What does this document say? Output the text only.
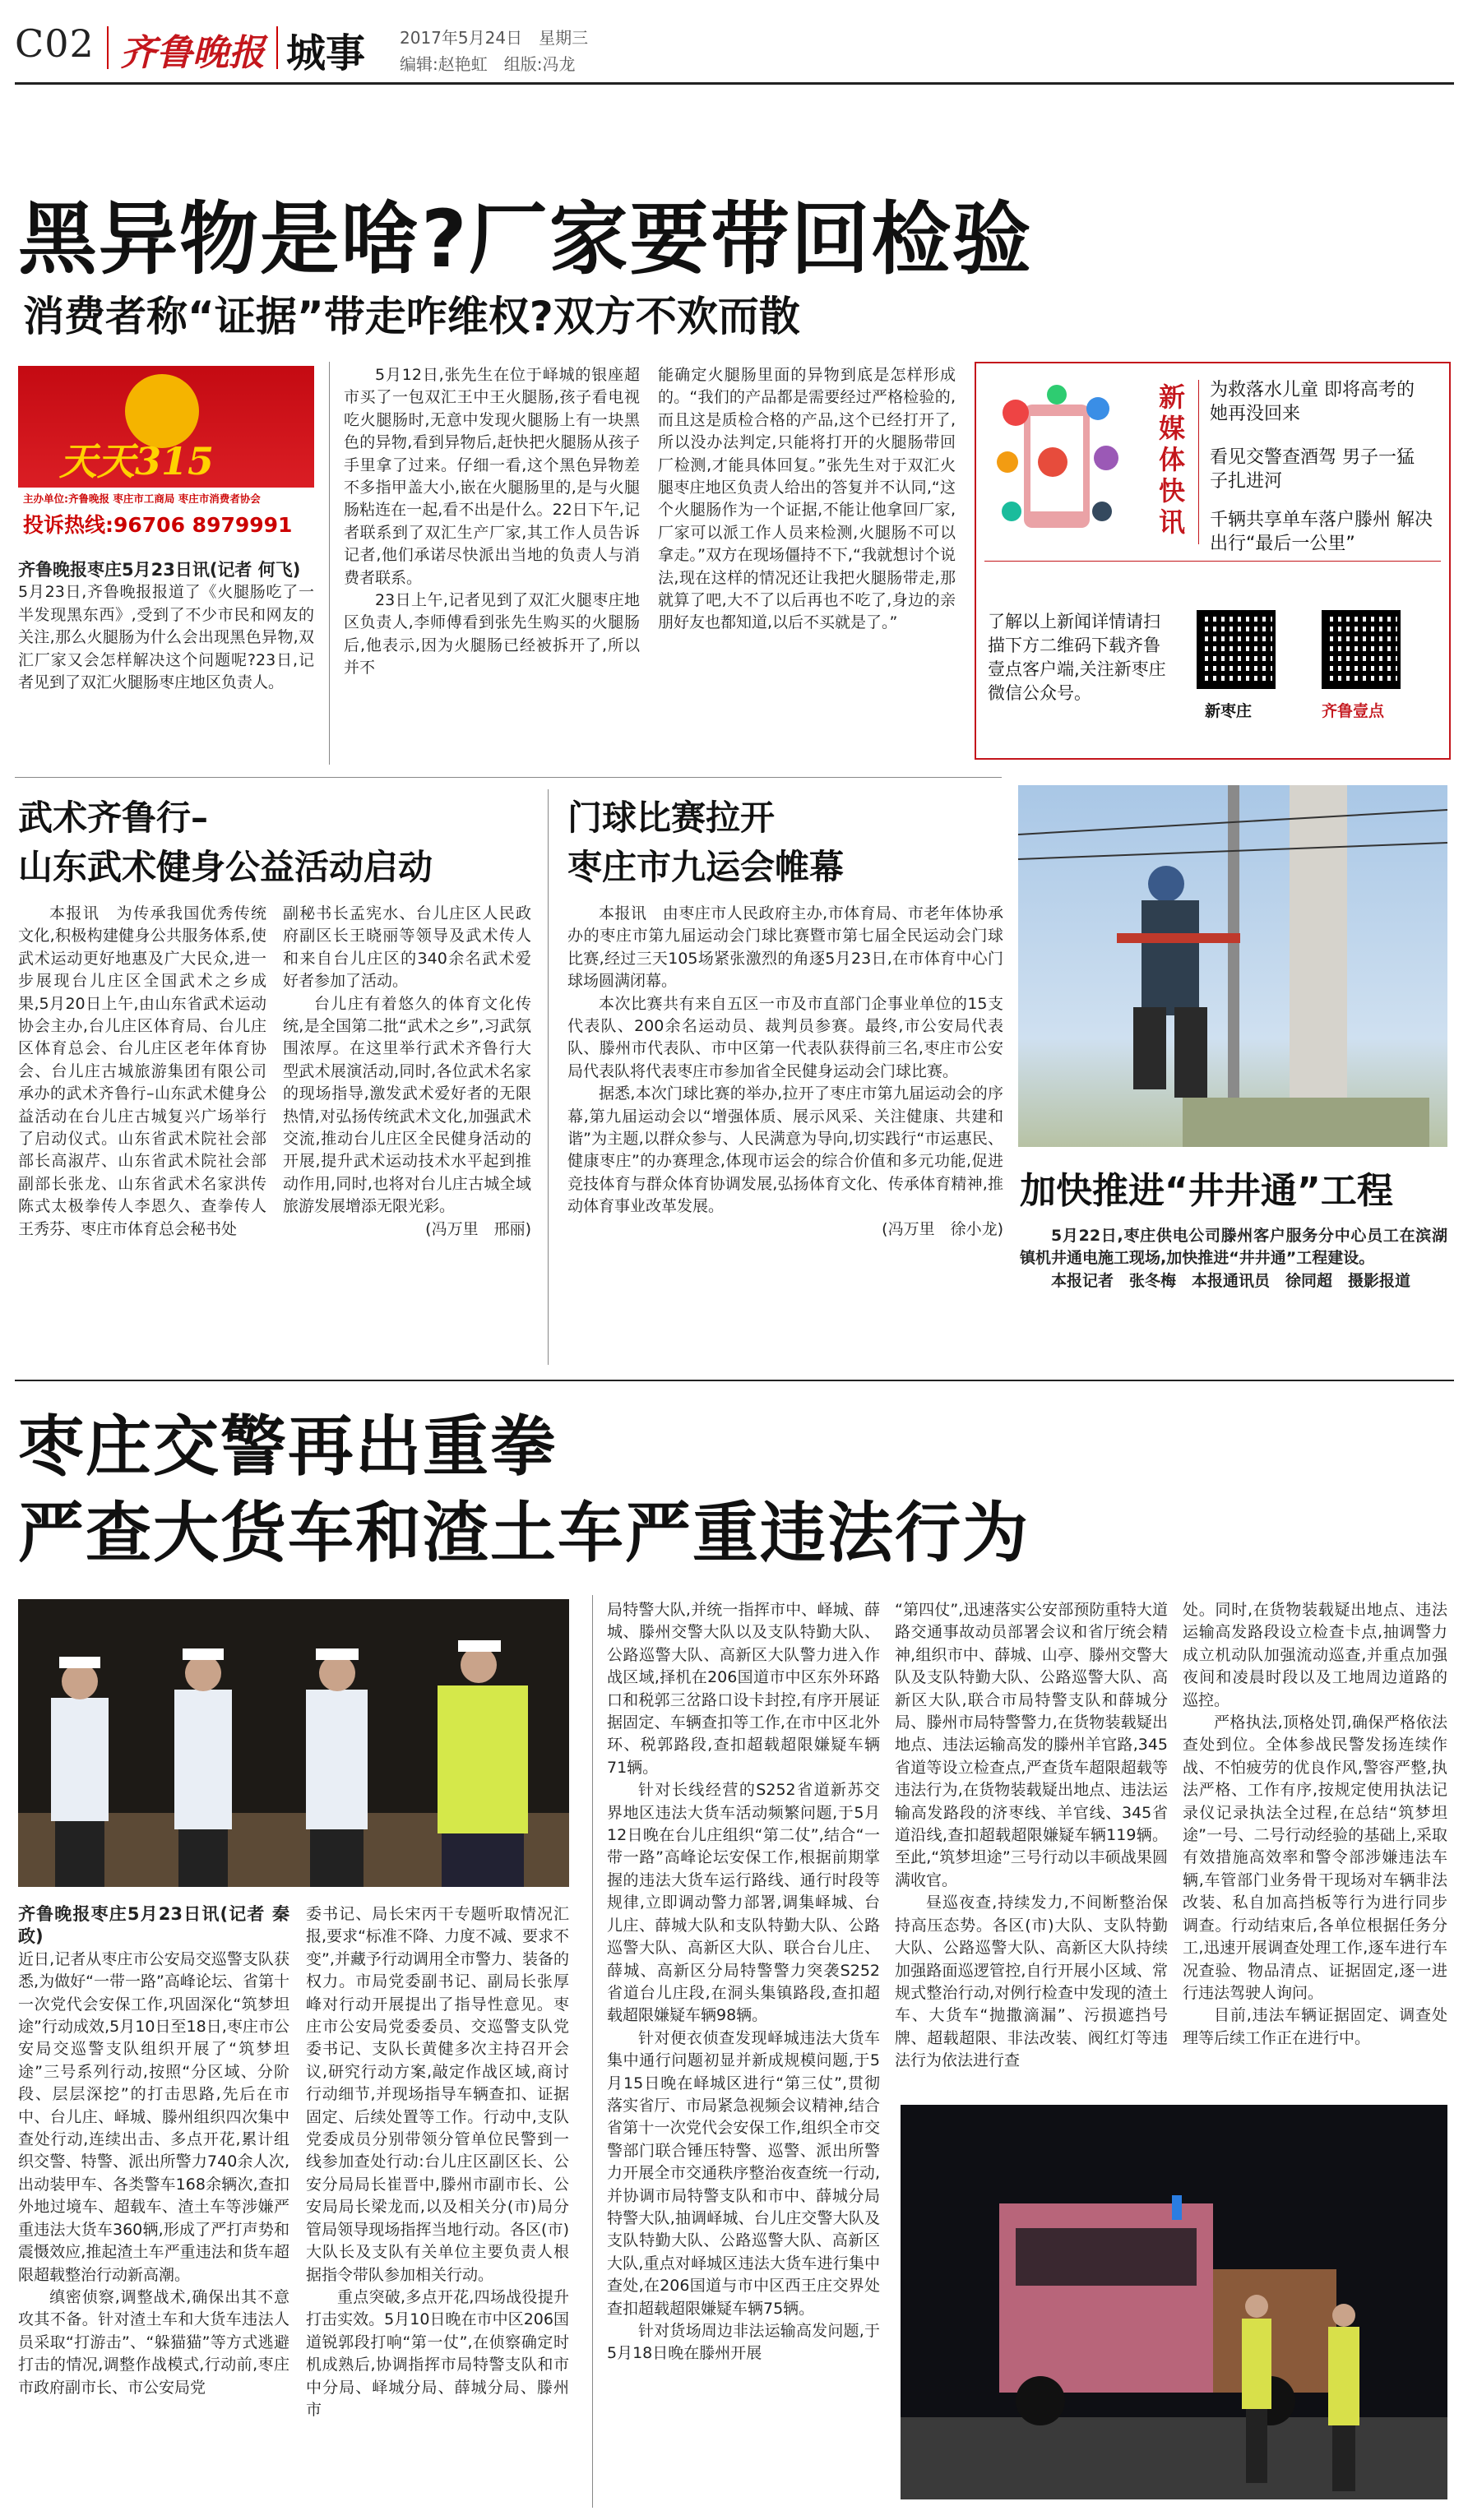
C02 齐鲁晚报 城事 2017年5月24日　星期三
编辑:赵艳虹　组版:冯龙
黑异物是啥?厂家要带回检验
消费者称“证据”带走咋维权?双方不欢而散
天天315
主办单位:齐鲁晚报 枣庄市工商局 枣庄市消费者协会
投诉热线:96706 8979991

齐鲁晚报枣庄5月23日讯(记者 何飞)

5月23日,齐鲁晚报报道了《火腿肠吃了一半发现黑东西》,受到了不少市民和网友的关注,那么火腿肠为什么会出现黑色异物,双汇厂家又会怎样解决这个问题呢?23日,记者见到了双汇火腿肠枣庄地区负责人。

5月12日,张先生在位于峄城的银座超市买了一包双汇王中王火腿肠,孩子看电视吃火腿肠时,无意中发现火腿肠上有一块黑色的异物,看到异物后,赶快把火腿肠从孩子手里拿了过来。仔细一看,这个黑色异物差不多指甲盖大小,嵌在火腿肠里的,是与火腿肠粘连在一起,看不出是什么。22日下午,记者联系到了双汇生产厂家,其工作人员告诉记者,他们承诺尽快派出当地的负责人与消费者联系。

23日上午,记者见到了双汇火腿枣庄地区负责人,李师傅看到张先生购买的火腿肠后,他表示,因为火腿肠已经被拆开了,所以并不

能确定火腿肠里面的异物到底是怎样形成的。“我们的产品都是需要经过严格检验的,而且这是质检合格的产品,这个已经打开了,所以没办法判定,只能将打开的火腿肠带回厂检测,才能具体回复。”张先生对于双汇火腿枣庄地区负责人给出的答复并不认同,“这个火腿肠作为一个证据,不能让他拿回厂家,厂家可以派工作人员来检测,火腿肠不可以拿走。”双方在现场僵持不下,“我就想讨个说法,现在这样的情况还让我把火腿肠带走,那就算了吧,大不了以后再也不吃了,身边的亲朋好友也都知道,以后不买就是了。”

新媒体快讯
为救落水儿童 即将高考的她再没回来
看见交警查酒驾 男子一猛子扎进河
千辆共享单车落户滕州 解决出行“最后一公里”
了解以上新闻详情请扫描下方二维码下载齐鲁壹点客户端,关注新枣庄微信公众号。
新枣庄	齐鲁壹点
武术齐鲁行–
山东武术健身公益活动启动

本报讯　为传承我国优秀传统文化,积极构建健身公共服务体系,使武术运动更好地惠及广大民众,进一步展现台儿庄区全国武术之乡成果,5月20日上午,由山东省武术运动协会主办,台儿庄区体育局、台儿庄区体育总会、台儿庄区老年体育协会、台儿庄古城旅游集团有限公司承办的武术齐鲁行–山东武术健身公益活动在台儿庄古城复兴广场举行了启动仪式。山东省武术院社会部部长高淑芹、山东省武术院社会部副部长张龙、山东省武术名家洪传陈式太极拳传人李恩久、查拳传人王秀芬、枣庄市体育总会秘书处

副秘书长孟宪水、台儿庄区人民政府副区长王晓丽等领导及武术传人和来自台儿庄区的340余名武术爱好者参加了活动。

台儿庄有着悠久的体育文化传统,是全国第二批“武术之乡”,习武氛围浓厚。在这里举行武术齐鲁行大型武术展演活动,同时,各位武术名家的现场指导,激发武术爱好者的无限热情,对弘扬传统武术文化,加强武术交流,推动台儿庄区全民健身活动的开展,提升武术运动技术水平起到推动作用,同时,也将对台儿庄古城全域旅游发展增添无限光彩。

(冯万里　邢丽)

门球比赛拉开
枣庄市九运会帷幕

本报讯　由枣庄市人民政府主办,市体育局、市老年体协承办的枣庄市第九届运动会门球比赛暨市第七届全民运动会门球比赛,经过三天105场紧张激烈的角逐5月23日,在市体育中心门球场圆满闭幕。

本次比赛共有来自五区一市及市直部门企事业单位的15支代表队、200余名运动员、裁判员参赛。最终,市公安局代表队、滕州市代表队、市中区第一代表队获得前三名,枣庄市公安局代表队将代表枣庄市参加省全民健身运动会门球比赛。

据悉,本次门球比赛的举办,拉开了枣庄市第九届运动会的序幕,第九届运动会以“增强体质、展示风采、关注健康、共建和谐”为主题,以群众参与、人民满意为导向,切实践行“市运惠民、健康枣庄”的办赛理念,体现市运会的综合价值和多元功能,促进竞技体育与群众体育协调发展,弘扬体育文化、传承体育精神,推动体育事业改革发展。

(冯万里　徐小龙)

加快推进“井井通”工程

5月22日,枣庄供电公司滕州客户服务分中心员工在滨湖镇机井通电施工现场,加快推进“井井通”工程建设。

本报记者　张冬梅　本报通讯员　徐同超　摄影报道

枣庄交警再出重拳
严查大货车和渣土车严重违法行为

齐鲁晚报枣庄5月23日讯(记者 秦政)

近日,记者从枣庄市公安局交巡警支队获悉,为做好“一带一路”高峰论坛、省第十一次党代会安保工作,巩固深化“筑梦坦途”行动成效,5月10日至18日,枣庄市公安局交巡警支队组织开展了“筑梦坦途”三号系列行动,按照“分区域、分阶段、层层深挖”的打击思路,先后在市中、台儿庄、峄城、滕州组织四次集中查处行动,连续出击、多点开花,累计组织交警、特警、派出所警力740余人次,出动装甲车、各类警车168余辆次,查扣外地过境车、超载车、渣土车等涉嫌严重违法大货车360辆,形成了严打声势和震慑效应,推起渣土车严重违法和货车超限超载整治行动新高潮。

缜密侦察,调整战术,确保出其不意攻其不备。针对渣土车和大货车违法人员采取“打游击”、“躲猫猫”等方式逃避打击的情况,调整作战模式,行动前,枣庄市政府副市长、市公安局党

委书记、局长宋丙干专题听取情况汇报,要求“标准不降、力度不减、要求不变”,并藏予行动调用全市警力、装备的权力。市局党委副书记、副局长张厚峰对行动开展提出了指导性意见。枣庄市公安局党委委员、交巡警支队党委书记、支队长黄健多次主持召开会议,研究行动方案,敲定作战区域,商讨行动细节,并现场指导车辆查扣、证据固定、后续处置等工作。行动中,支队党委成员分别带领分管单位民警到一线参加查处行动:台儿庄区副区长、公安分局局长崔晋中,滕州市副市长、公安局局长梁龙而,以及相关分(市)局分管局领导现场指挥当地行动。各区(市)大队长及支队有关单位主要负责人根据指令带队参加相关行动。

重点突破,多点开花,四场战役提升打击实效。5月10日晚在市中区206国道锐郭段打响“第一仗”,在侦察确定时机成熟后,协调指挥市局特警支队和市中分局、峄城分局、薛城分局、滕州市

局特警大队,并统一指挥市中、峄城、薛城、滕州交警大队以及支队特勤大队、公路巡警大队、高新区大队警力进入作战区域,择机在206国道市中区东外环路口和税郭三岔路口设卡封控,有序开展证据固定、车辆查扣等工作,在市中区北外环、税郭路段,查扣超载超限嫌疑车辆71辆。

针对长线经营的S252省道新苏交界地区违法大货车活动频繁问题,于5月12日晚在台儿庄组织“第二仗”,结合“一带一路”高峰论坛安保工作,根据前期掌握的违法大货车运行路线、通行时段等规律,立即调动警力部署,调集峄城、台儿庄、薛城大队和支队特勤大队、公路巡警大队、高新区大队、联合台儿庄、薛城、高新区分局特警警力突袭S252省道台儿庄段,在洞头集镇路段,查扣超载超限嫌疑车辆98辆。

针对便衣侦查发现峄城违法大货车集中通行问题初显并新成规模问题,于5月15日晚在峄城区进行“第三仗”,贯彻落实省厅、市局紧急视频会议精神,结合省第十一次党代会安保工作,组织全市交警部门联合锤压特警、巡警、派出所警力开展全市交通秩序整治夜查统一行动,并协调市局特警支队和市中、薛城分局特警大队,抽调峄城、台儿庄交警大队及支队特勤大队、公路巡警大队、高新区大队,重点对峄城区违法大货车进行集中查处,在206国道与市中区西王庄交界处查扣超载超限嫌疑车辆75辆。

针对货场周边非法运输高发问题,于5月18日晚在滕州开展

“第四仗”,迅速落实公安部预防重特大道路交通事故动员部署会议和省厅统会精神,组织市中、薛城、山亭、滕州交警大队及支队特勤大队、公路巡警大队、高新区大队,联合市局特警支队和薛城分局、滕州市局特警警力,在货物装载疑出地点、违法运输高发的滕州羊官路,345省道等设立检查点,严查货车超限超载等违法行为,在货物装载疑出地点、违法运输高发路段的济枣线、羊官线、345省道沿线,查扣超载超限嫌疑车辆119辆。至此,“筑梦坦途”三号行动以丰硕战果圆满收官。

昼巡夜查,持续发力,不间断整治保持高压态势。各区(市)大队、支队特勤大队、公路巡警大队、高新区大队持续加强路面巡逻管控,自行开展小区域、常规式整治行动,对例行检查中发现的渣土车、大货车“抛撒滴漏”、污损遮挡号牌、超载超限、非法改装、阀红灯等违法行为依法进行查

处。同时,在货物装载疑出地点、违法运输高发路段设立检查卡点,抽调警力成立机动队加强流动巡查,并重点加强夜间和凌晨时段以及工地周边道路的巡控。

严格执法,顶格处罚,确保严格依法查处到位。全体参战民警发扬连续作战、不怕疲劳的优良作风,警容严整,执法严格、工作有序,按规定使用执法记录仪记录执法全过程,在总结“筑梦坦途”一号、二号行动经验的基础上,采取有效措施高效率和警令部涉嫌违法车辆,车管部门业务骨干现场对车辆非法改装、私自加高挡板等行为进行同步调查。行动结束后,各单位根据任务分工,迅速开展调查处理工作,逐车进行车况查验、物品清点、证据固定,逐一进行违法驾驶人询问。

目前,违法车辆证据固定、调查处理等后续工作正在进行中。
